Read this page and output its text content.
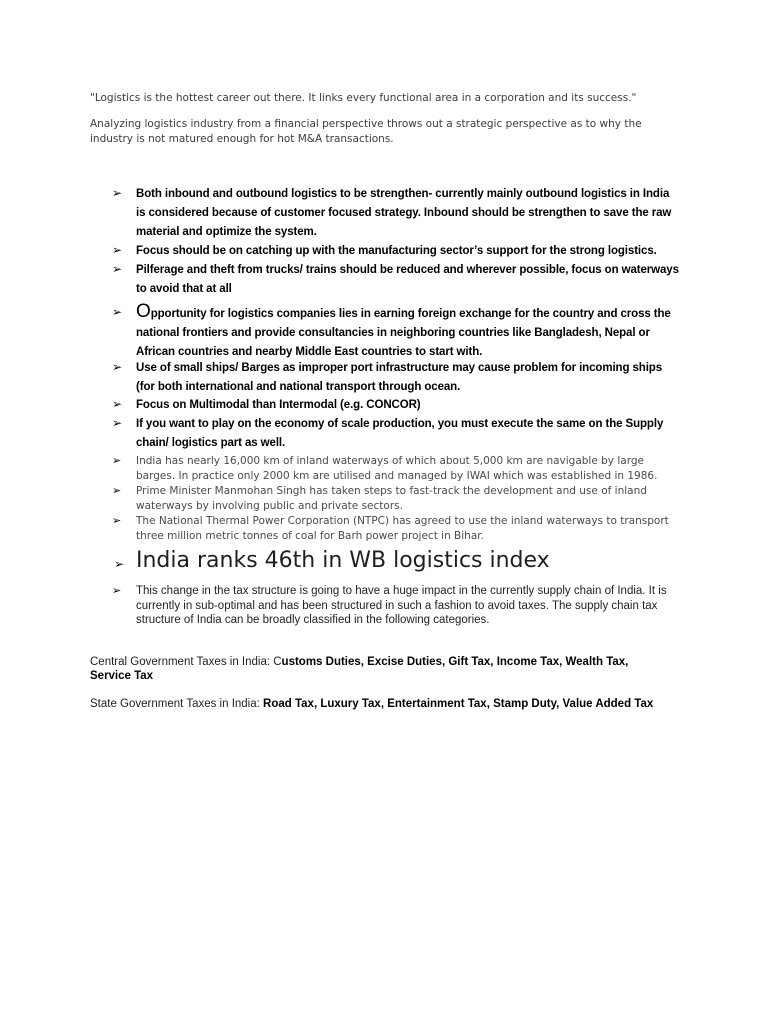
"Logistics is the hottest career out there. It links every functional area in a corporation and its success."

Analyzing logistics industry from a financial perspective throws out a strategic perspective as to why the industry is not matured enough for hot M&A transactions.

➢	Both inbound and outbound logistics to be strengthen- currently mainly outbound logistics in India is considered because of customer focused strategy. Inbound should be strengthen to save the raw material and optimize the system.
➢	Focus should be on catching up with the manufacturing sector’s support for the strong logistics.
➢	Pilferage and theft from trucks/ trains should be reduced and wherever possible, focus on waterways to avoid that at all
➢ Opportunity for logistics companies lies in earning foreign exchange for the country and cross the national frontiers and provide consultancies in neighboring countries like Bangladesh, Nepal or African countries and nearby Middle East countries to start with.
➢	Use of small ships/ Barges as improper port infrastructure may cause problem for incoming ships (for both international and national transport through ocean.
➢	Focus on Multimodal than Intermodal (e.g. CONCOR)
➢	If you want to play on the economy of scale production, you must execute the same on the Supply chain/ logistics part as well.
➢	India has nearly 16,000 km of inland waterways of which about 5,000 km are navigable by large barges. In practice only 2000 km are utilised and managed by IWAI which was established in 1986.
➢	Prime Minister Manmohan Singh has taken steps to fast-track the development and use of inland waterways by involving public and private sectors.
➢	The National Thermal Power Corporation (NTPC) has agreed to use the inland waterways to transport three million metric tonnes of coal for Barh power project in Bihar.
➢ India ranks 46th in WB logistics index
➢	This change in the tax structure is going to have a huge impact in the currently supply chain of India. It is currently in sub-optimal and has been structured in such a fashion to avoid taxes. The supply chain tax structure of India can be broadly classified in the following categories.

Central Government Taxes in India: Customs Duties, Excise Duties, Gift Tax, Income Tax, Wealth Tax, Service Tax

State Government Taxes in India: Road Tax, Luxury Tax, Entertainment Tax, Stamp Duty, Value Added Tax
